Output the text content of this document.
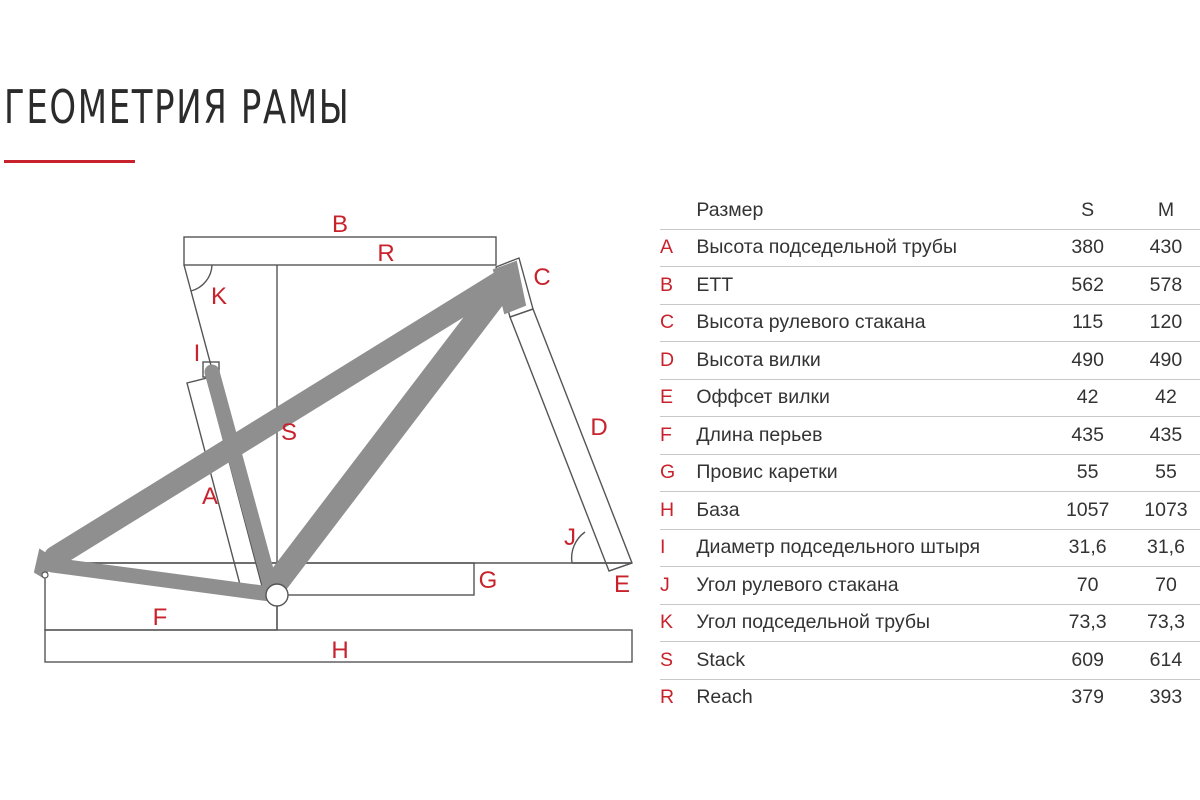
ГЕОМЕТРИЯ РАМЫ
B
R
K
I
C
S	D
A
J
G	E
F
H
	Размер	S	M
A	Высота подседельной трубы	380	430
B	ETT	562	578
C	Высота рулевого стакана	115	120
D	Высота вилки	490	490
E	Оффсет вилки	42	42
F	Длина перьев	435	435
G	Провис каретки	55	55
H	База	1057	1073
I	Диаметр подседельного штыря	31,6	31,6
J	Угол рулевого стакана	70	70
K	Угол подседельной трубы	73,3	73,3
S	Stack	609	614
R	Reach	379	393
